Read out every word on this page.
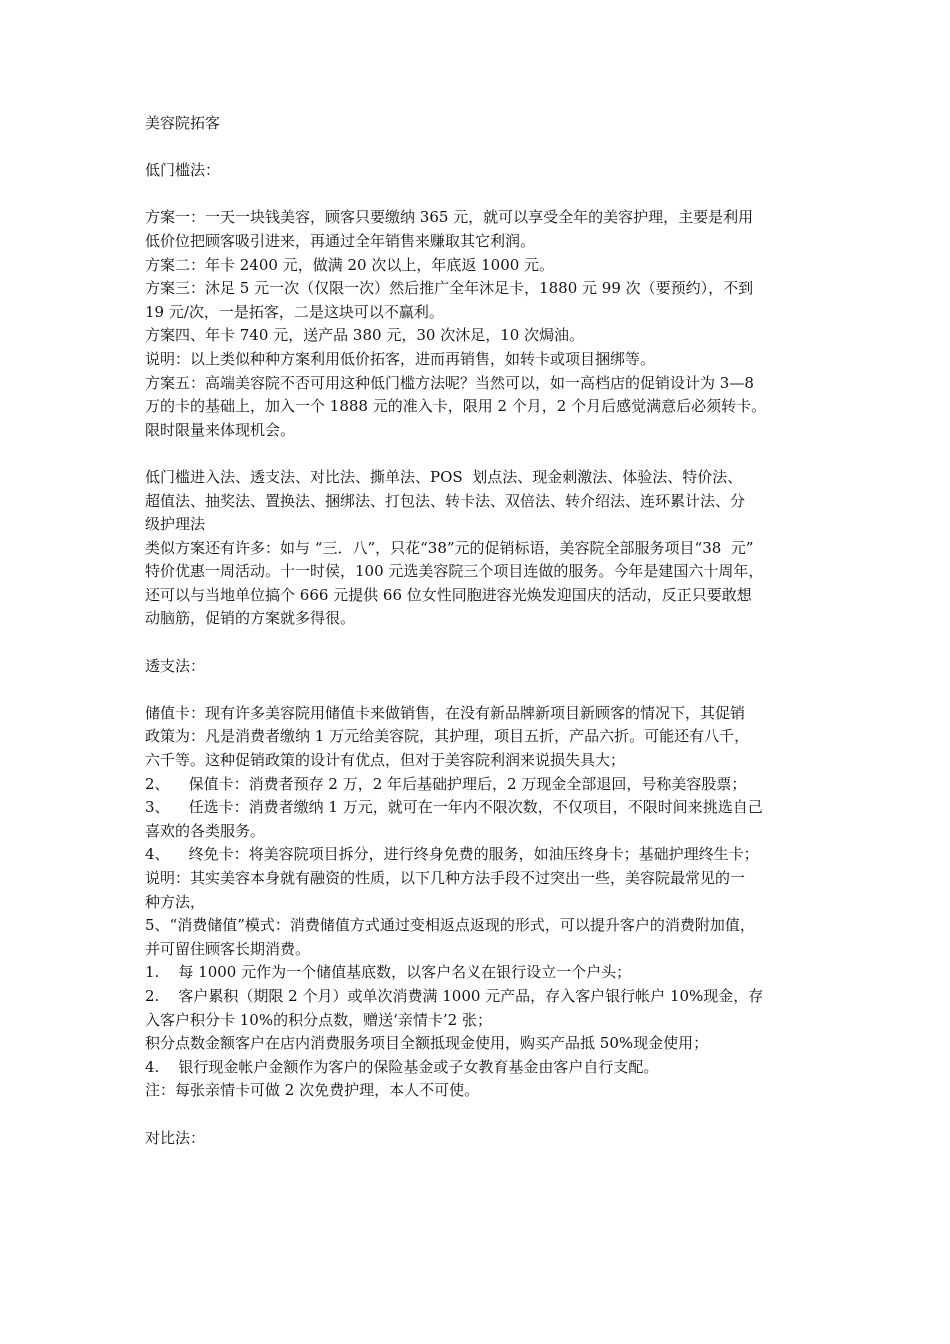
美容院拓客
低门槛法：
方案一：一天一块钱美容，顾客只要缴纳 365 元，就可以享受全年的美容护理，主要是利用
低价位把顾客吸引进来，再通过全年销售来赚取其它利润。
方案二：年卡 2400 元，做满 20 次以上，年底返 1000 元。
方案三：沐足 5 元一次（仅限一次）然后推广全年沐足卡，1880 元 99 次（要预约），不到
19 元/次，一是拓客，二是这块可以不赢利。
方案四、年卡 740 元，送产品 380 元，30 次沐足，10 次焗油。
说明：以上类似种种方案利用低价拓客，进而再销售，如转卡或项目捆绑等。
方案五：高端美容院不否可用这种低门槛方法呢？当然可以，如一高档店的促销设计为 3—8
万的卡的基础上，加入一个 1888 元的准入卡，限用 2 个月，2 个月后感觉满意后必须转卡。
限时限量来体现机会。
低门槛进入法、透支法、对比法、撕单法、POS  划点法、现金刺激法、体验法、特价法、
超值法、抽奖法、置换法、捆绑法、打包法、转卡法、双倍法、转介绍法、连环累计法、分
级护理法
类似方案还有许多：如与 “三．八”，只花“38”元的促销标语，美容院全部服务项目“38  元”
特价优惠一周活动。十一时侯，100 元选美容院三个项目连做的服务。今年是建国六十周年，
还可以与当地单位搞个 666 元提供 66 位女性同胞进容光焕发迎国庆的活动，反正只要敢想
动脑筋，促销的方案就多得很。
透支法：
储值卡：现有许多美容院用储值卡来做销售，在没有新品牌新项目新顾客的情况下，其促销
政策为：凡是消费者缴纳 1 万元给美容院，其护理，项目五折，产品六折。可能还有八千，
六千等。这种促销政策的设计有优点，但对于美容院利润来说损失具大；
2、    保值卡：消费者预存 2 万，2 年后基础护理后，2 万现金全部退回，号称美容股票；
3、    任选卡：消费者缴纳 1 万元，就可在一年内不限次数，不仅项目，不限时间来挑选自己
喜欢的各类服务。
4、    终免卡：将美容院项目拆分，进行终身免费的服务，如油压终身卡；基础护理终生卡；
说明：其实美容本身就有融资的性质，以下几种方法手段不过突出一些，美容院最常见的一
种方法，
5、“消费储值”模式：消费储值方式通过变相返点返现的形式，可以提升客户的消费附加值，
并可留住顾客长期消费。
1.    每 1000 元作为一个储值基底数，以客户名义在银行设立一个户头；
2.    客户累积（期限 2 个月）或单次消费满 1000 元产品，存入客户银行帐户 10%现金，存
入客户积分卡 10%的积分点数，赠送‘亲情卡’2 张；
积分点数金额客户在店内消费服务项目全额抵现金使用，购买产品抵 50%现金使用；
4.    银行现金帐户金额作为客户的保险基金或子女教育基金由客户自行支配。
注：每张亲情卡可做 2 次免费护理，本人不可使。
对比法：
